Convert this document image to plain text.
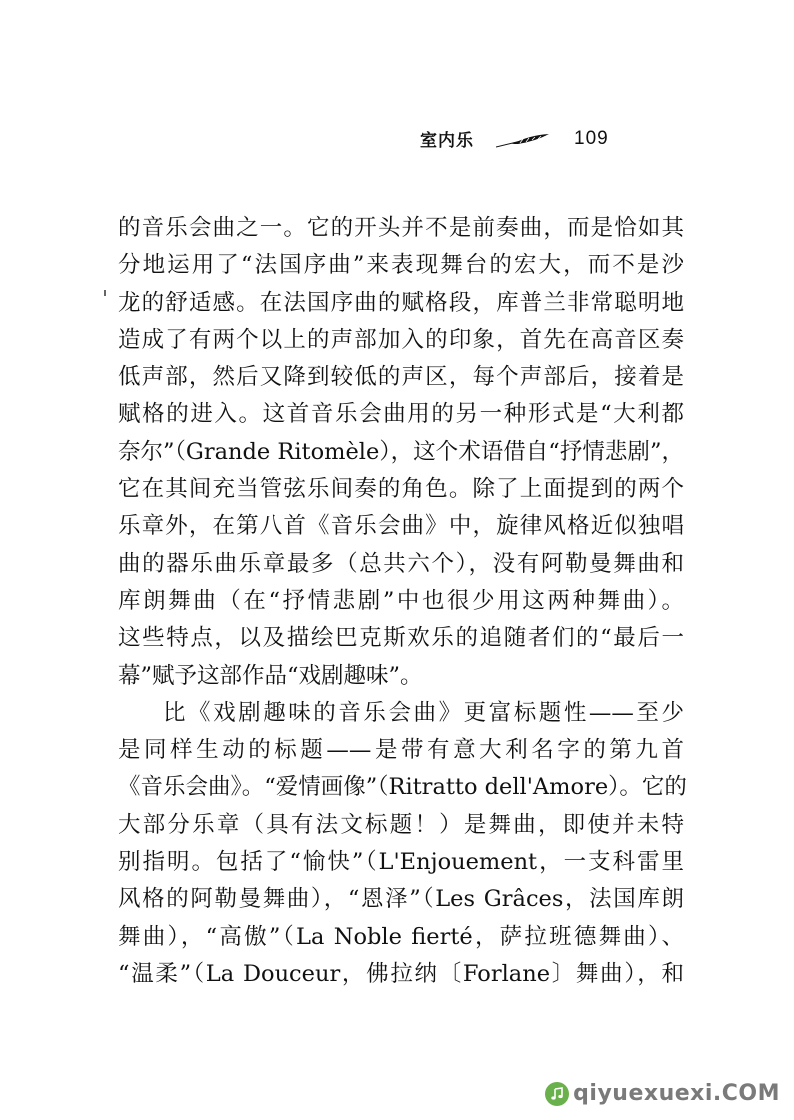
室内乐	109
的音乐会曲之一。它的开头并不是前奏曲，而是恰如其
分地运用了“法国序曲”来表现舞台的宏大，而不是沙
龙的舒适感。在法国序曲的赋格段，库普兰非常聪明地
造成了有两个以上的声部加入的印象，首先在高音区奏
低声部，然后又降到较低的声区，每个声部后，接着是
赋格的进入。这首音乐会曲用的另一种形式是“大利都
奈尔”（Grande Ritomèle），这个术语借自“抒情悲剧”，
它在其间充当管弦乐间奏的角色。除了上面提到的两个
乐章外，在第八首《音乐会曲》中，旋律风格近似独唱
曲的器乐曲乐章最多（总共六个），没有阿勒曼舞曲和
库朗舞曲（在“抒情悲剧”中也很少用这两种舞曲）。
这些特点，以及描绘巴克斯欢乐的追随者们的“最后一
幕”赋予这部作品“戏剧趣味”。
比《戏剧趣味的音乐会曲》更富标题性——至少
是同样生动的标题——是带有意大利名字的第九首
《音乐会曲》。“爱情画像”（Ritratto dell'Amore）。它的
大部分乐章（具有法文标题！）是舞曲，即使并未特
别指明。包括了“愉快”（L'Enjouement，一支科雷里
风格的阿勒曼舞曲），“恩泽”（Les Grâces，法国库朗
舞曲），“高傲”（La Noble fierté，萨拉班德舞曲）、
“温柔”（La Douceur，佛拉纳〔Forlane〕舞曲），和
qiyuexuexi.COM
